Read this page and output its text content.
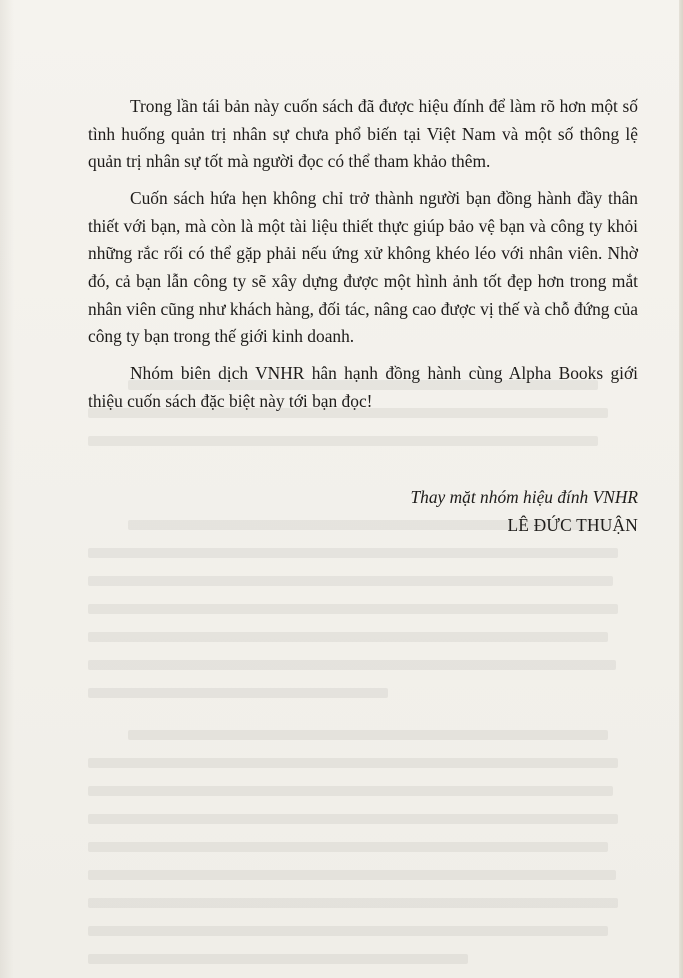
Trong lần tái bản này cuốn sách đã được hiệu đính để làm rõ hơn một số tình huống quản trị nhân sự chưa phổ biến tại Việt Nam và một số thông lệ quản trị nhân sự tốt mà người đọc có thể tham khảo thêm.

Cuốn sách hứa hẹn không chỉ trở thành người bạn đồng hành đầy thân thiết với bạn, mà còn là một tài liệu thiết thực giúp bảo vệ bạn và công ty khỏi những rắc rối có thể gặp phải nếu ứng xử không khéo léo với nhân viên. Nhờ đó, cả bạn lẫn công ty sẽ xây dựng được một hình ảnh tốt đẹp hơn trong mắt nhân viên cũng như khách hàng, đối tác, nâng cao được vị thế và chỗ đứng của công ty bạn trong thế giới kinh doanh.

Nhóm biên dịch VNHR hân hạnh đồng hành cùng Alpha Books giới thiệu cuốn sách đặc biệt này tới bạn đọc!

Thay mặt nhóm hiệu đính VNHR
LÊ ĐỨC THUẬN
